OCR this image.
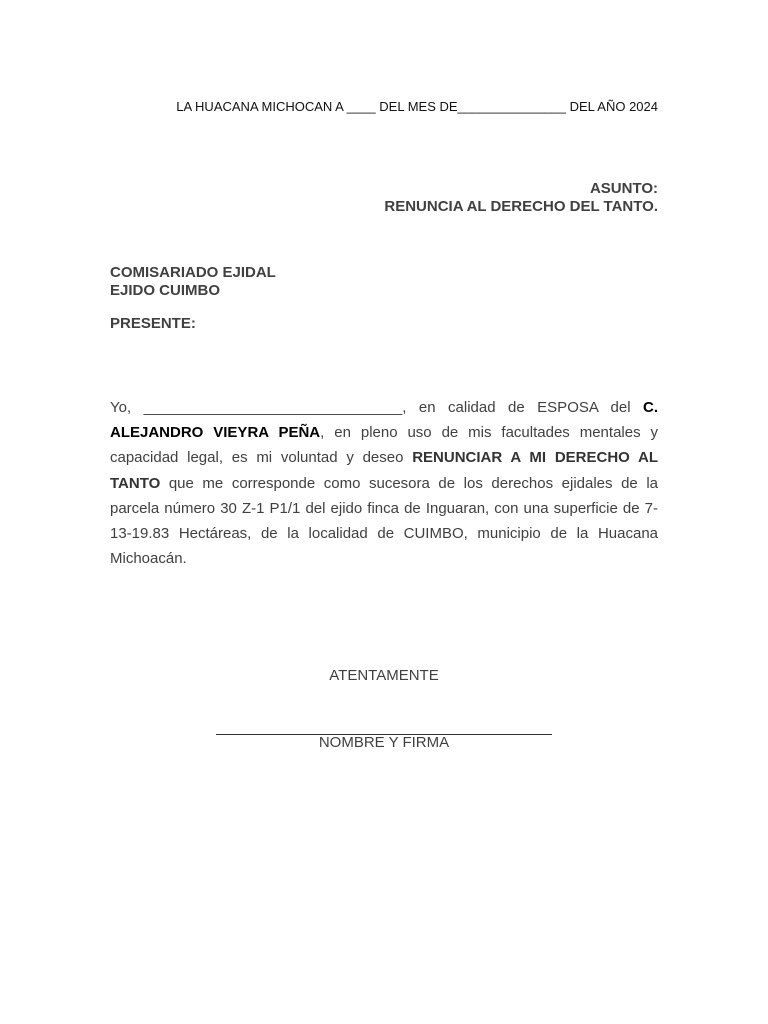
LA HUACANA MICHOCAN A ____ DEL MES DE_______________ DEL AÑO 2024
ASUNTO:
RENUNCIA AL DERECHO DEL TANTO.
COMISARIADO EJIDAL
EJIDO CUIMBO
PRESENTE:
Yo, _______________________________, en calidad de ESPOSA del C. ALEJANDRO VIEYRA PEÑA, en pleno uso de mis facultades mentales y capacidad legal, es mi voluntad y deseo RENUNCIAR A MI DERECHO AL TANTO que me corresponde como sucesora de los derechos ejidales de la parcela número 30 Z-1 P1/1 del ejido finca de Inguaran, con una superficie de 7-13-19.83 Hectáreas, de la localidad de CUIMBO, municipio de la Huacana Michoacán.
ATENTAMENTE
NOMBRE Y FIRMA
